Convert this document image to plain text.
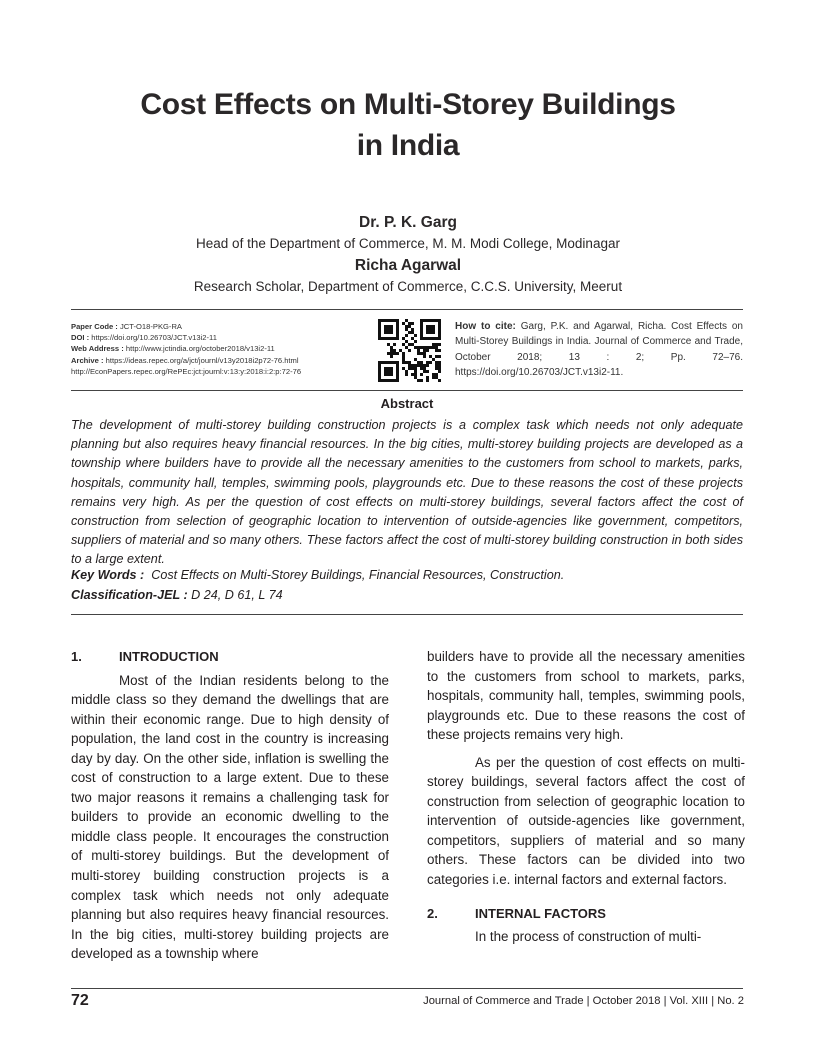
Cost Effects on Multi-Storey Buildings
in India
Dr. P. K. Garg
Head of the Department of Commerce, M. M. Modi College, Modinagar
Richa Agarwal
Research Scholar, Department of Commerce, C.C.S. University, Meerut
Paper Code : JCT-O18-PKG-RA
DOI : https://doi.org/10.26703/JCT.v13i2-11
Web Address : http://www.jctindia.org/october2018/v13i2-11
Archive : https://ideas.repec.org/a/jct/journl/v13y2018i2p72-76.html
http://EconPapers.repec.org/RePEc:jct:journl:v:13:y:2018:i:2:p:72-76
How to cite: Garg, P.K. and Agarwal, Richa. Cost Effects on Multi-Storey Buildings in India. Journal of Commerce and Trade, October 2018; 13 : 2; Pp. 72–76. https://doi.org/10.26703/JCT.v13i2-11.
Abstract
The development of multi-storey building construction projects is a complex task which needs not only adequate planning but also requires heavy financial resources. In the big cities, multi-storey building projects are developed as a township where builders have to provide all the necessary amenities to the customers from school to markets, parks, hospitals, community hall, temples, swimming pools, playgrounds etc. Due to these reasons the cost of these projects remains very high. As per the question of cost effects on multi-storey buildings, several factors affect the cost of construction from selection of geographic location to intervention of outside-agencies like government, competitors, suppliers of material and so many others. These factors affect the cost of multi-storey building construction in both sides to a large extent.
Key Words : Cost Effects on Multi-Storey Buildings, Financial Resources, Construction.
Classification-JEL : D 24, D 61, L 74
1.	INTRODUCTION

Most of the Indian residents belong to the middle class so they demand the dwellings that are within their economic range. Due to high density of population, the land cost in the country is increasing day by day. On the other side, inflation is swelling the cost of construction to a large extent. Due to these two major reasons it remains a challenging task for builders to provide an economic dwelling to the middle class people. It encourages the construction of multi-storey buildings. But the development of multi-storey building construction projects is a complex task which needs not only adequate planning but also requires heavy financial resources. In the big cities, multi-storey building projects are developed as a township where

builders have to provide all the necessary amenities to the customers from school to markets, parks, hospitals, community hall, temples, swimming pools, playgrounds etc. Due to these reasons the cost of these projects remains very high.

As per the question of cost effects on multi-storey buildings, several factors affect the cost of construction from selection of geographic location to intervention of outside-agencies like government, competitors, suppliers of material and so many others. These factors can be divided into two categories i.e. internal factors and external factors.

2.	INTERNAL FACTORS

In the process of construction of multi-

72	Journal of Commerce and Trade | October 2018 | Vol. XIII | No. 2
